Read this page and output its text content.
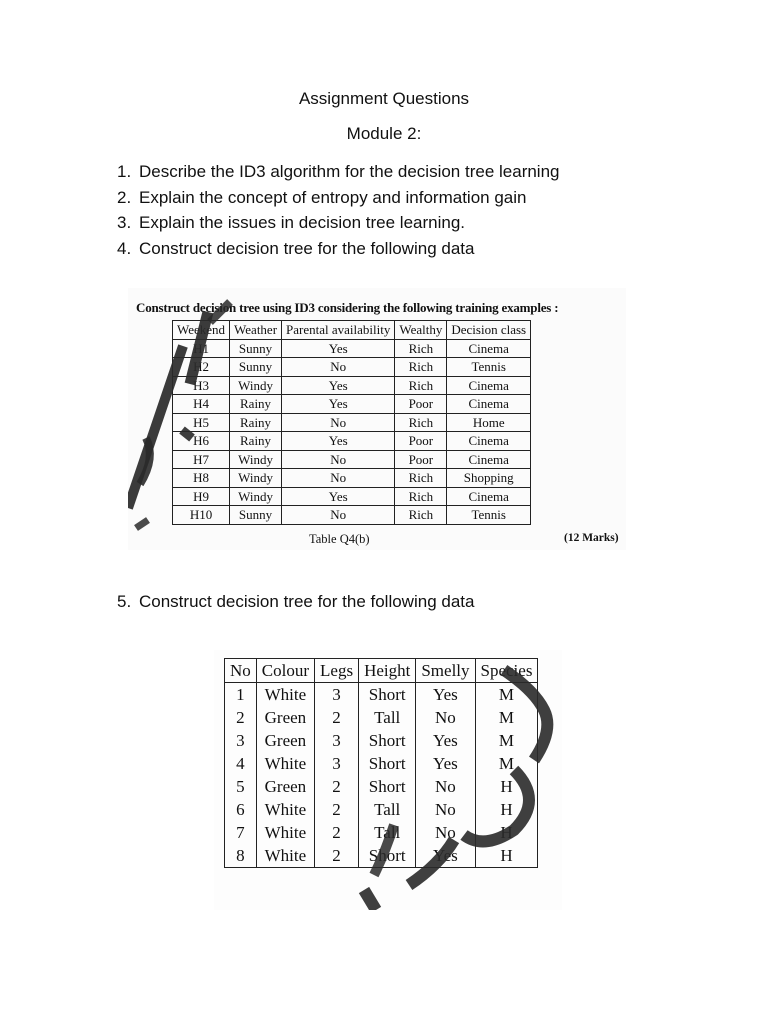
Assignment Questions
Module 2:
1. Describe the ID3 algorithm for the decision tree learning
2. Explain the concept of entropy and information gain
3. Explain the issues in decision tree learning.
4. Construct decision tree for the following data
Construct decision tree using ID3 considering the following training examples :
Weekend	Weather	Parental availability	Wealthy	Decision class
H1	Sunny	Yes	Rich	Cinema
H2	Sunny	No	Rich	Tennis
H3	Windy	Yes	Rich	Cinema
H4	Rainy	Yes	Poor	Cinema
H5	Rainy	No	Rich	Home
H6	Rainy	Yes	Poor	Cinema
H7	Windy	No	Poor	Cinema
H8	Windy	No	Rich	Shopping
H9	Windy	Yes	Rich	Cinema
H10	Sunny	No	Rich	Tennis
Table Q4(b)	(12 Marks)
5. Construct decision tree for the following data
No	Colour	Legs	Height	Smelly	Species
1	White	3	Short	Yes	M
2	Green	2	Tall	No	M
3	Green	3	Short	Yes	M
4	White	3	Short	Yes	M
5	Green	2	Short	No	H
6	White	2	Tall	No	H
7	White	2	Tall	No	H
8	White	2	Short	Yes	H
